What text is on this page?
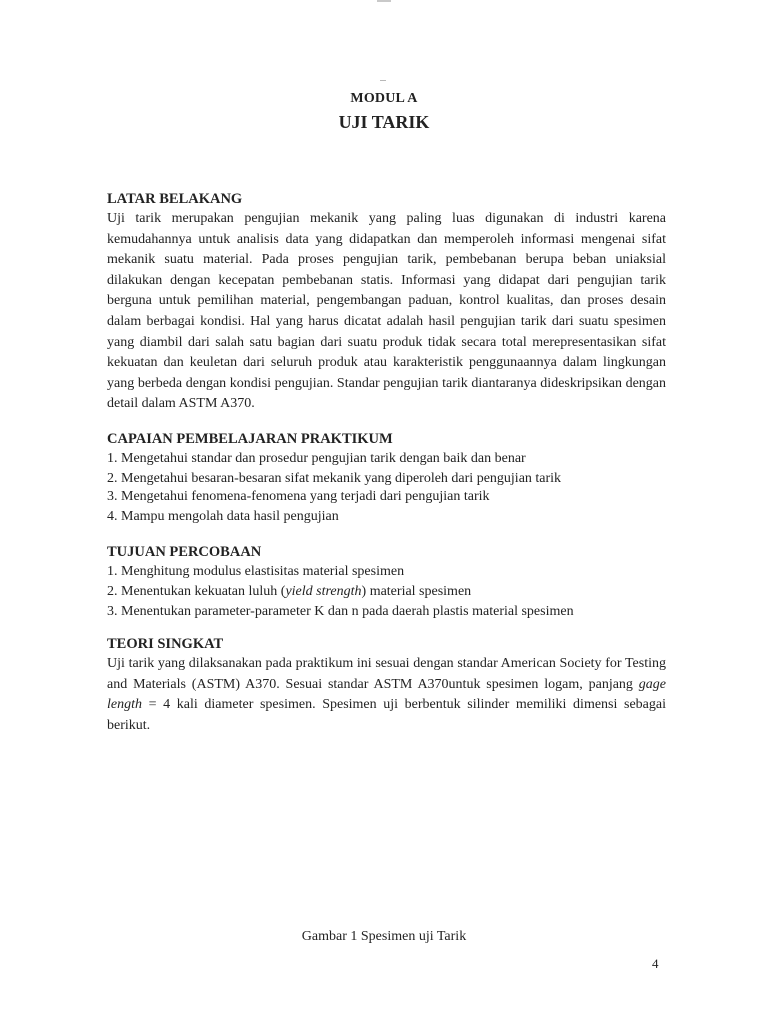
MODUL A
UJI TARIK
LATAR BELAKANG

Uji tarik merupakan pengujian mekanik yang paling luas digunakan di industri karena kemudahannya untuk analisis data yang didapatkan dan memperoleh informasi mengenai sifat mekanik suatu material. Pada proses pengujian tarik, pembebanan berupa beban uniaksial dilakukan dengan kecepatan pembebanan statis. Informasi yang didapat dari pengujian tarik berguna untuk pemilihan material, pengembangan paduan, kontrol kualitas, dan proses desain dalam berbagai kondisi. Hal yang harus dicatat adalah hasil pengujian tarik dari suatu spesimen yang diambil dari salah satu bagian dari suatu produk tidak secara total merepresentasikan sifat kekuatan dan keuletan dari seluruh produk atau karakteristik penggunaannya dalam lingkungan yang berbeda dengan kondisi pengujian. Standar pengujian tarik diantaranya dideskripsikan dengan detail dalam ASTM A370.

CAPAIAN PEMBELAJARAN PRAKTIKUM
1. Mengetahui standar dan prosedur pengujian tarik dengan baik dan benar
2. Mengetahui besaran-besaran sifat mekanik yang diperoleh dari pengujian tarik
3. Mengetahui fenomena-fenomena yang terjadi dari pengujian tarik
4. Mampu mengolah data hasil pengujian
TUJUAN PERCOBAAN
1. Menghitung modulus elastisitas material spesimen
2. Menentukan kekuatan luluh (yield strength) material spesimen
3. Menentukan parameter-parameter K dan n pada daerah plastis material spesimen
TEORI SINGKAT

Uji tarik yang dilaksanakan pada praktikum ini sesuai dengan standar American Society for Testing and Materials (ASTM) A370. Sesuai standar ASTM A370untuk spesimen logam, panjang gage length = 4 kali diameter spesimen. Spesimen uji berbentuk silinder memiliki dimensi sebagai berikut.

Gambar 1 Spesimen uji Tarik
4
